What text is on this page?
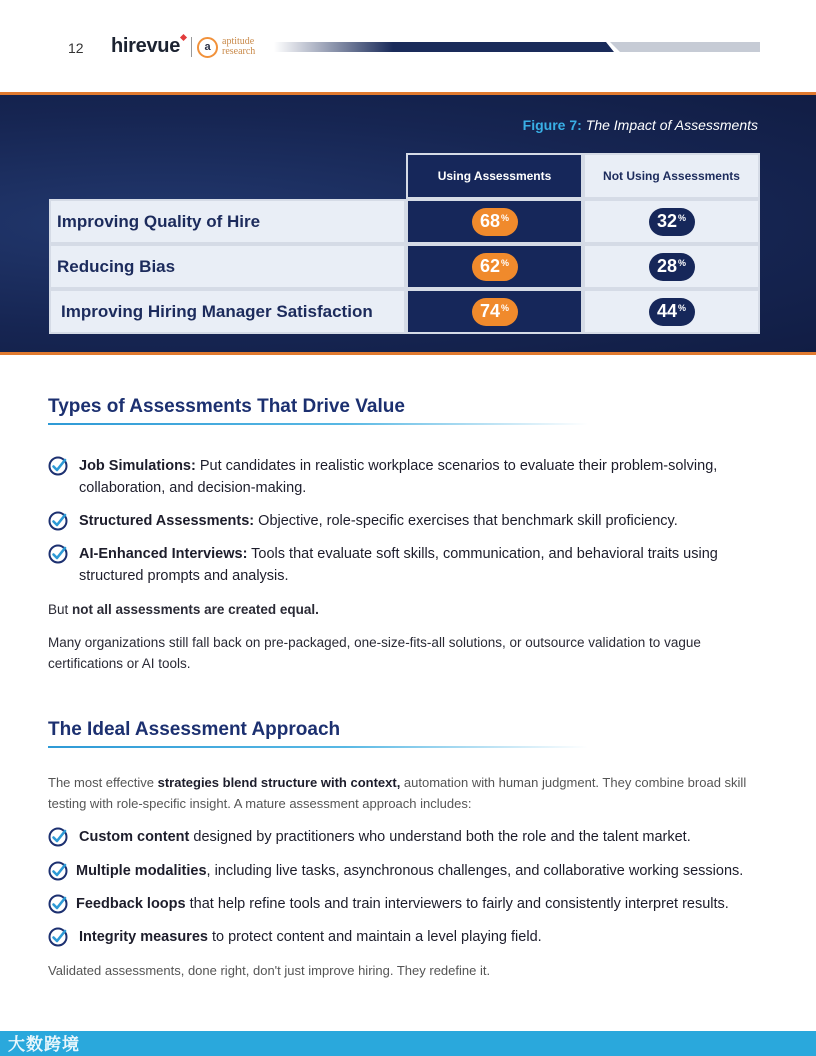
12 hirevue	a	aptitude
research
Figure 7: The Impact of Assessments
Using Assessments	Not Using Assessments
Improving Quality of Hire	68%	32%
Reducing Bias	62%	28%
Improving Hiring Manager Satisfaction	74%	44%
Types of Assessments That Drive Value
Job Simulations: Put candidates in realistic workplace scenarios to evaluate their problem-solving, collaboration, and decision-making.
Structured Assessments: Objective, role-specific exercises that benchmark skill proficiency.
AI-Enhanced Interviews: Tools that evaluate soft skills, communication, and behavioral traits using structured prompts and analysis.
But not all assessments are created equal.
Many organizations still fall back on pre-packaged, one-size-fits-all solutions, or outsource validation to vague certifications or AI tools.
The Ideal Assessment Approach
The most effective strategies blend structure with context, automation with human judgment. They combine broad skill testing with role-specific insight. A mature assessment approach includes:
Custom content designed by practitioners who understand both the role and the talent market.
Multiple modalities, including live tasks, asynchronous challenges, and collaborative working sessions.
Feedback loops that help refine tools and train interviewers to fairly and consistently interpret results.
Integrity measures to protect content and maintain a level playing field.
Validated assessments, done right, don't just improve hiring. They redefine it.
大数跨境
